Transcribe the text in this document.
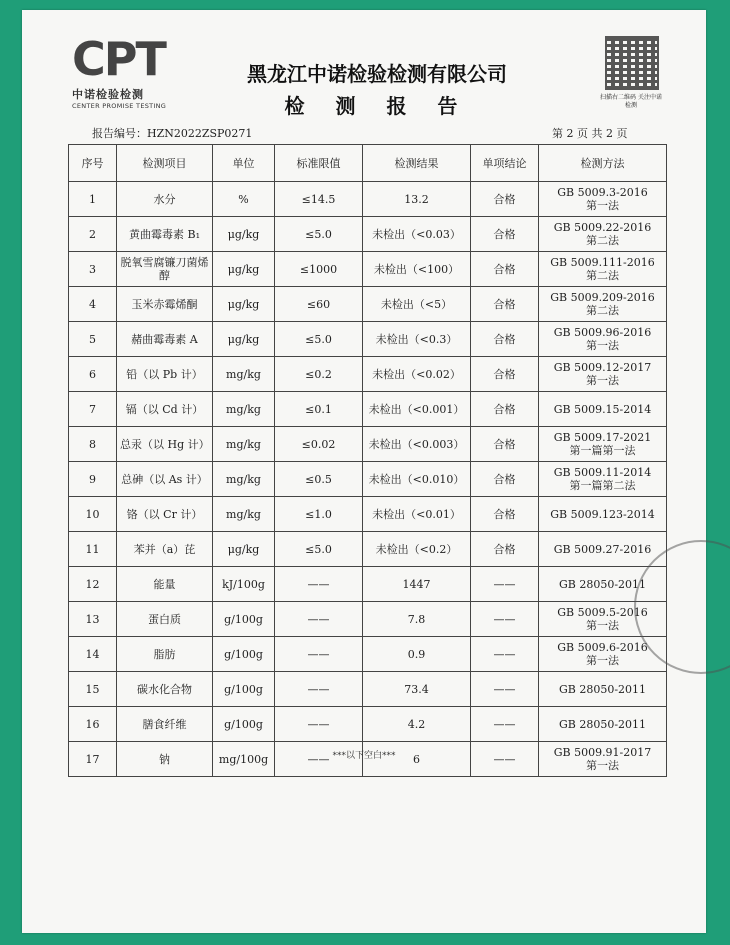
CPT
中诺检验检测
CENTER PROMISE TESTING
黑龙江中诺检验检测有限公司
检 测 报 告	扫描右二维码 关注中诺检测
报告编号：HZN2022ZSP0271	第 2 页 共 2 页
序号	检测项目	单位	标准限值	检测结果	单项结论	检测方法
1	水分	%	≤14.5	13.2	合格	GB 5009.3-2016
第一法
2	黄曲霉毒素 B₁	μg/kg	≤5.0	未检出（<0.03）	合格	GB 5009.22-2016
第二法
3	脱氧雪腐镰刀菌烯醇	μg/kg	≤1000	未检出（<100）	合格	GB 5009.111-2016
第二法
4	玉米赤霉烯酮	μg/kg	≤60	未检出（<5）	合格	GB 5009.209-2016
第二法
5	赭曲霉毒素 A	μg/kg	≤5.0	未检出（<0.3）	合格	GB 5009.96-2016
第一法
6	铅（以 Pb 计）	mg/kg	≤0.2	未检出（<0.02）	合格	GB 5009.12-2017
第一法
7	镉（以 Cd 计）	mg/kg	≤0.1	未检出（<0.001）	合格	GB 5009.15-2014
8	总汞（以 Hg 计）	mg/kg	≤0.02	未检出（<0.003）	合格	GB 5009.17-2021
第一篇第一法
9	总砷（以 As 计）	mg/kg	≤0.5	未检出（<0.010）	合格	GB 5009.11-2014
第一篇第二法
10	铬（以 Cr 计）	mg/kg	≤1.0	未检出（<0.01）	合格	GB 5009.123-2014
11	苯并（a）芘	μg/kg	≤5.0	未检出（<0.2）	合格	GB 5009.27-2016
12	能量	kJ/100g	——	1447	——	GB 28050-2011
13	蛋白质	g/100g	——	7.8	——	GB 5009.5-2016
第一法
14	脂肪	g/100g	——	0.9	——	GB 5009.6-2016
第一法
15	碳水化合物	g/100g	——	73.4	——	GB 28050-2011
16	膳食纤维	g/100g	——	4.2	——	GB 28050-2011
17	钠	mg/100g	——	6	——	GB 5009.91-2017
第一法
***以下空白***
